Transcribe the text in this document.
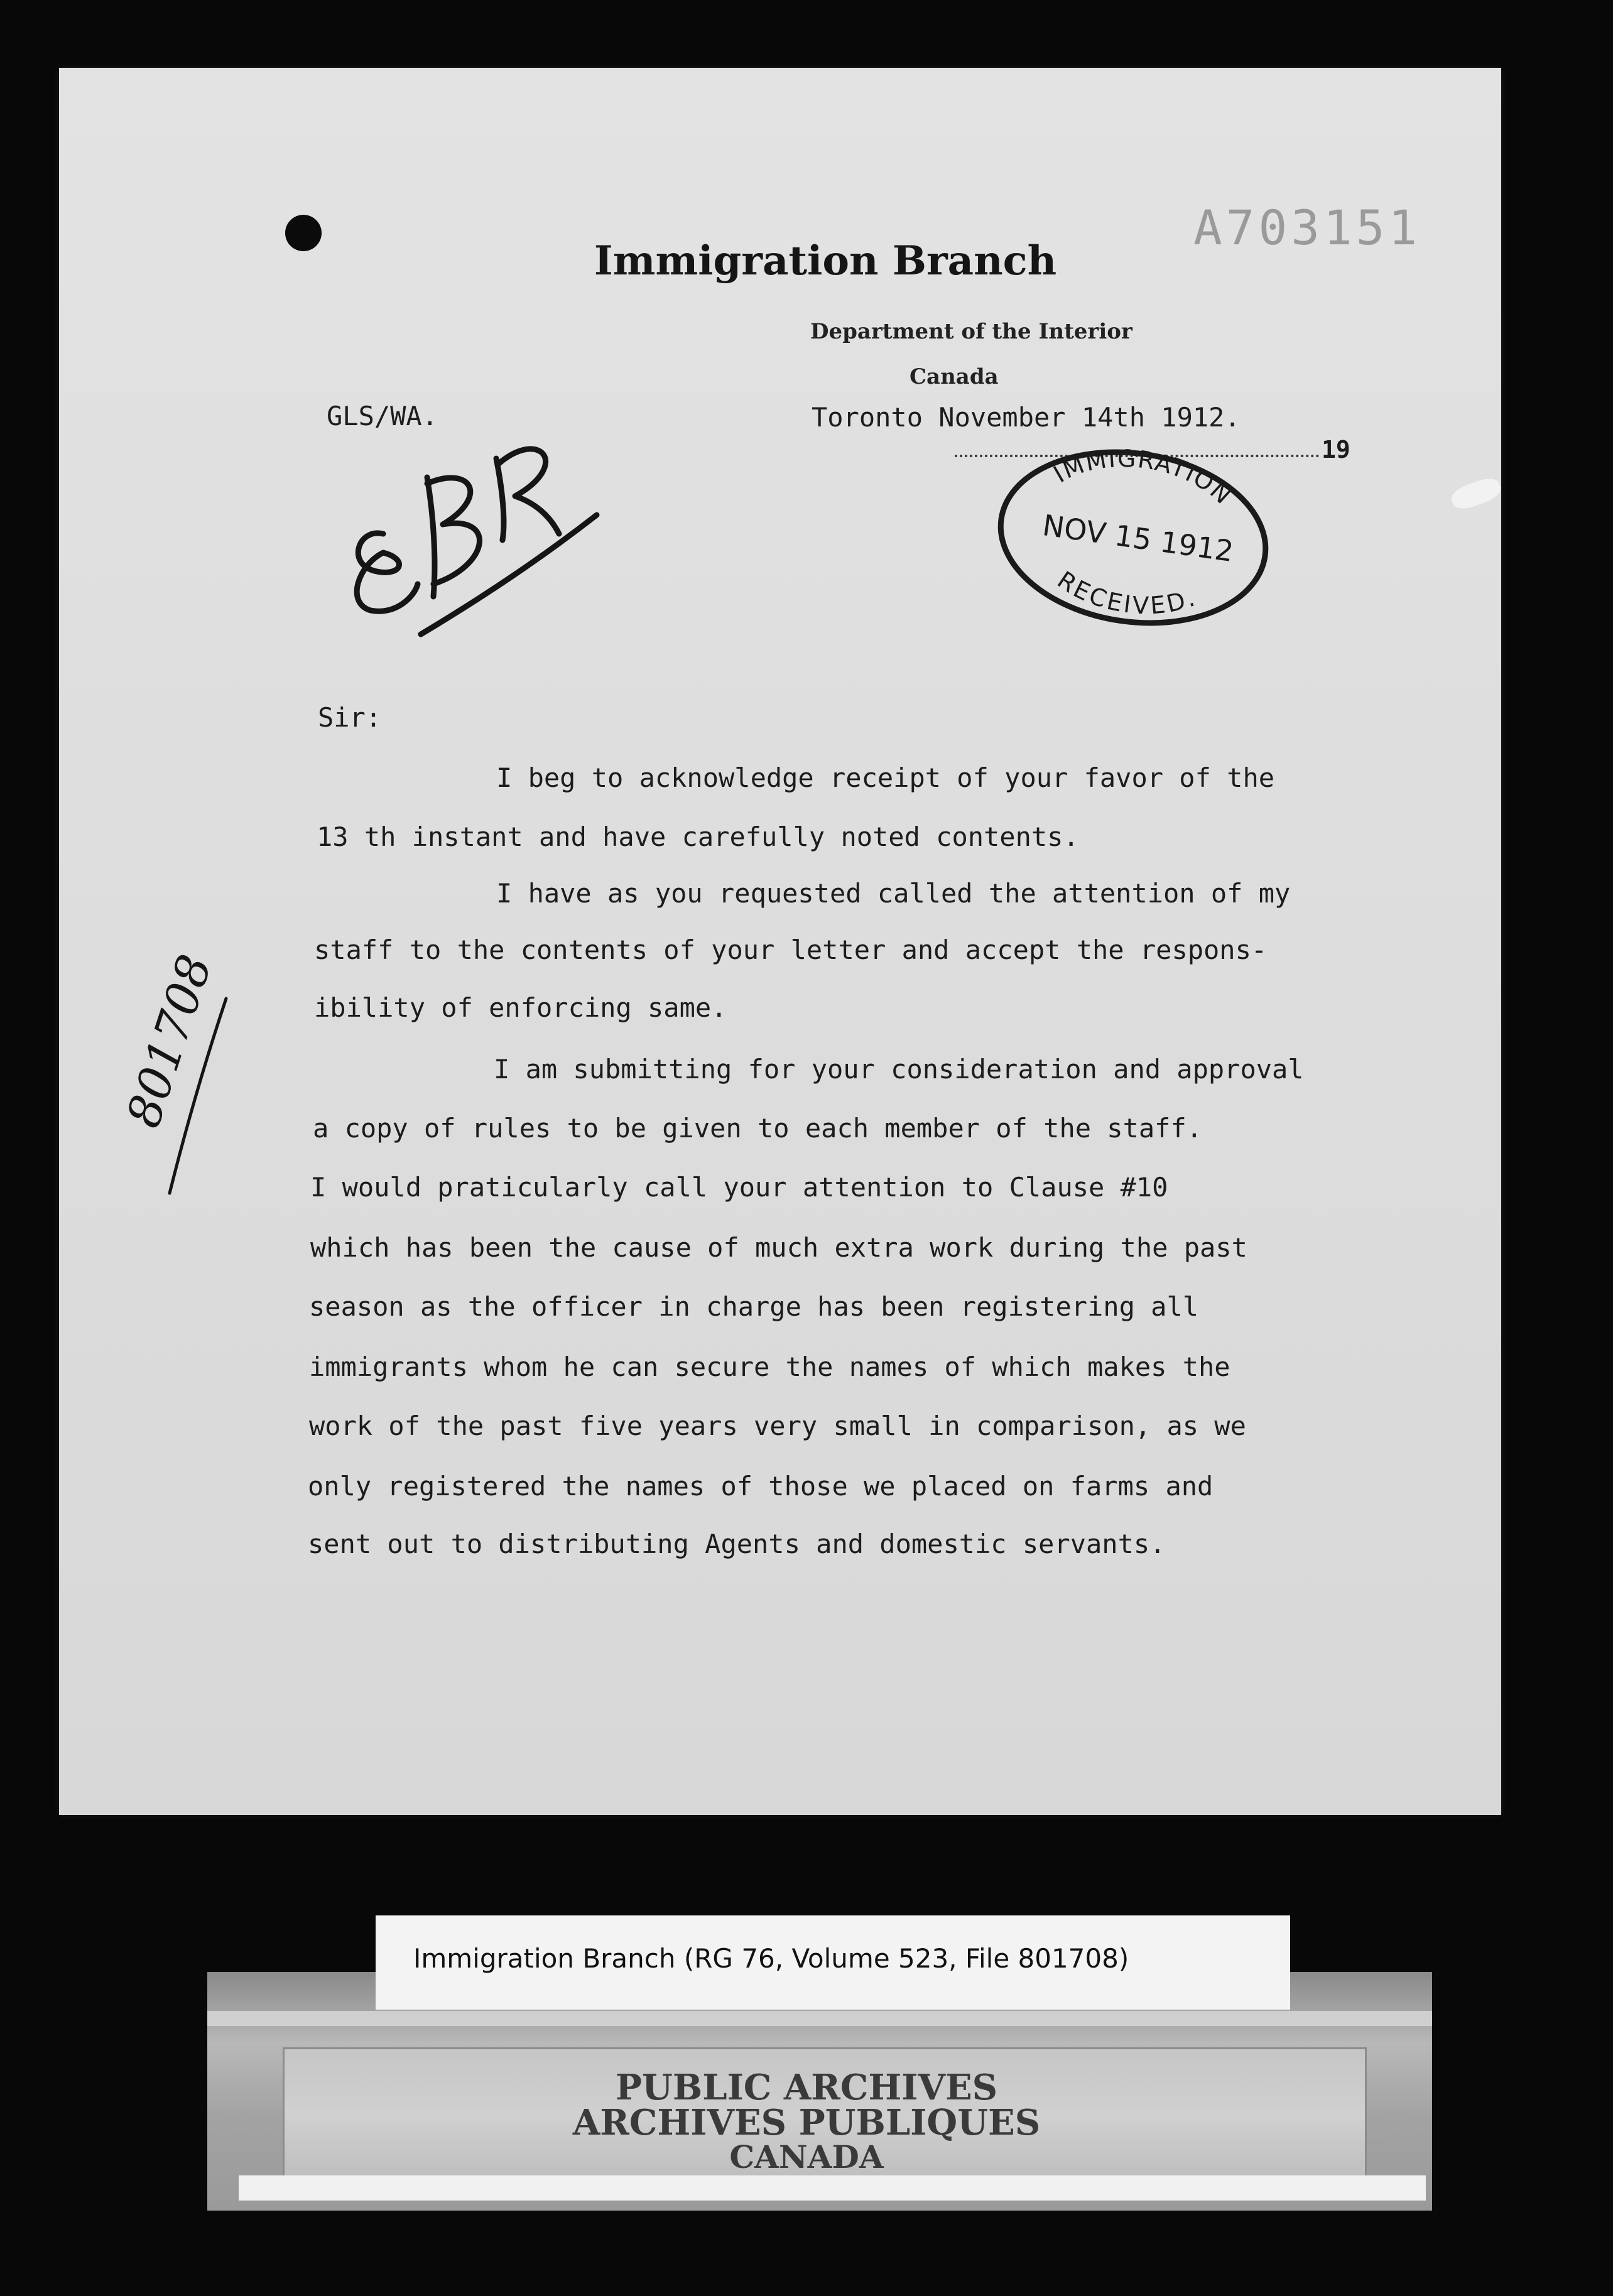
A703151
Immigration Branch
Department of the Interior
Canada
GLS/WA.	Toronto November 14th 1912.
19
IMMIGRATION
NOV 15 1912
RECEIVED.
801708
Sir:
I beg to acknowledge receipt of your favor of the
13 th instant and have carefully noted contents.
I have as you requested called the attention of my
staff to the contents of your letter and accept the respons-
ibility of enforcing same.
I am submitting for your consideration and approval
a copy of rules to be given to each member of the staff.
I would praticularly call your attention to Clause #10
which has been the cause of much extra work during the past
season as the officer in charge has been registering all
immigrants whom he can secure the names of which makes the
work of the past five years very small in comparison, as we
only registered the names of those we placed on farms and
sent out to distributing Agents and domestic servants.
Immigration Branch (RG 76, Volume 523, File 801708)
PUBLIC ARCHIVES
ARCHIVES PUBLIQUES
CANADA
